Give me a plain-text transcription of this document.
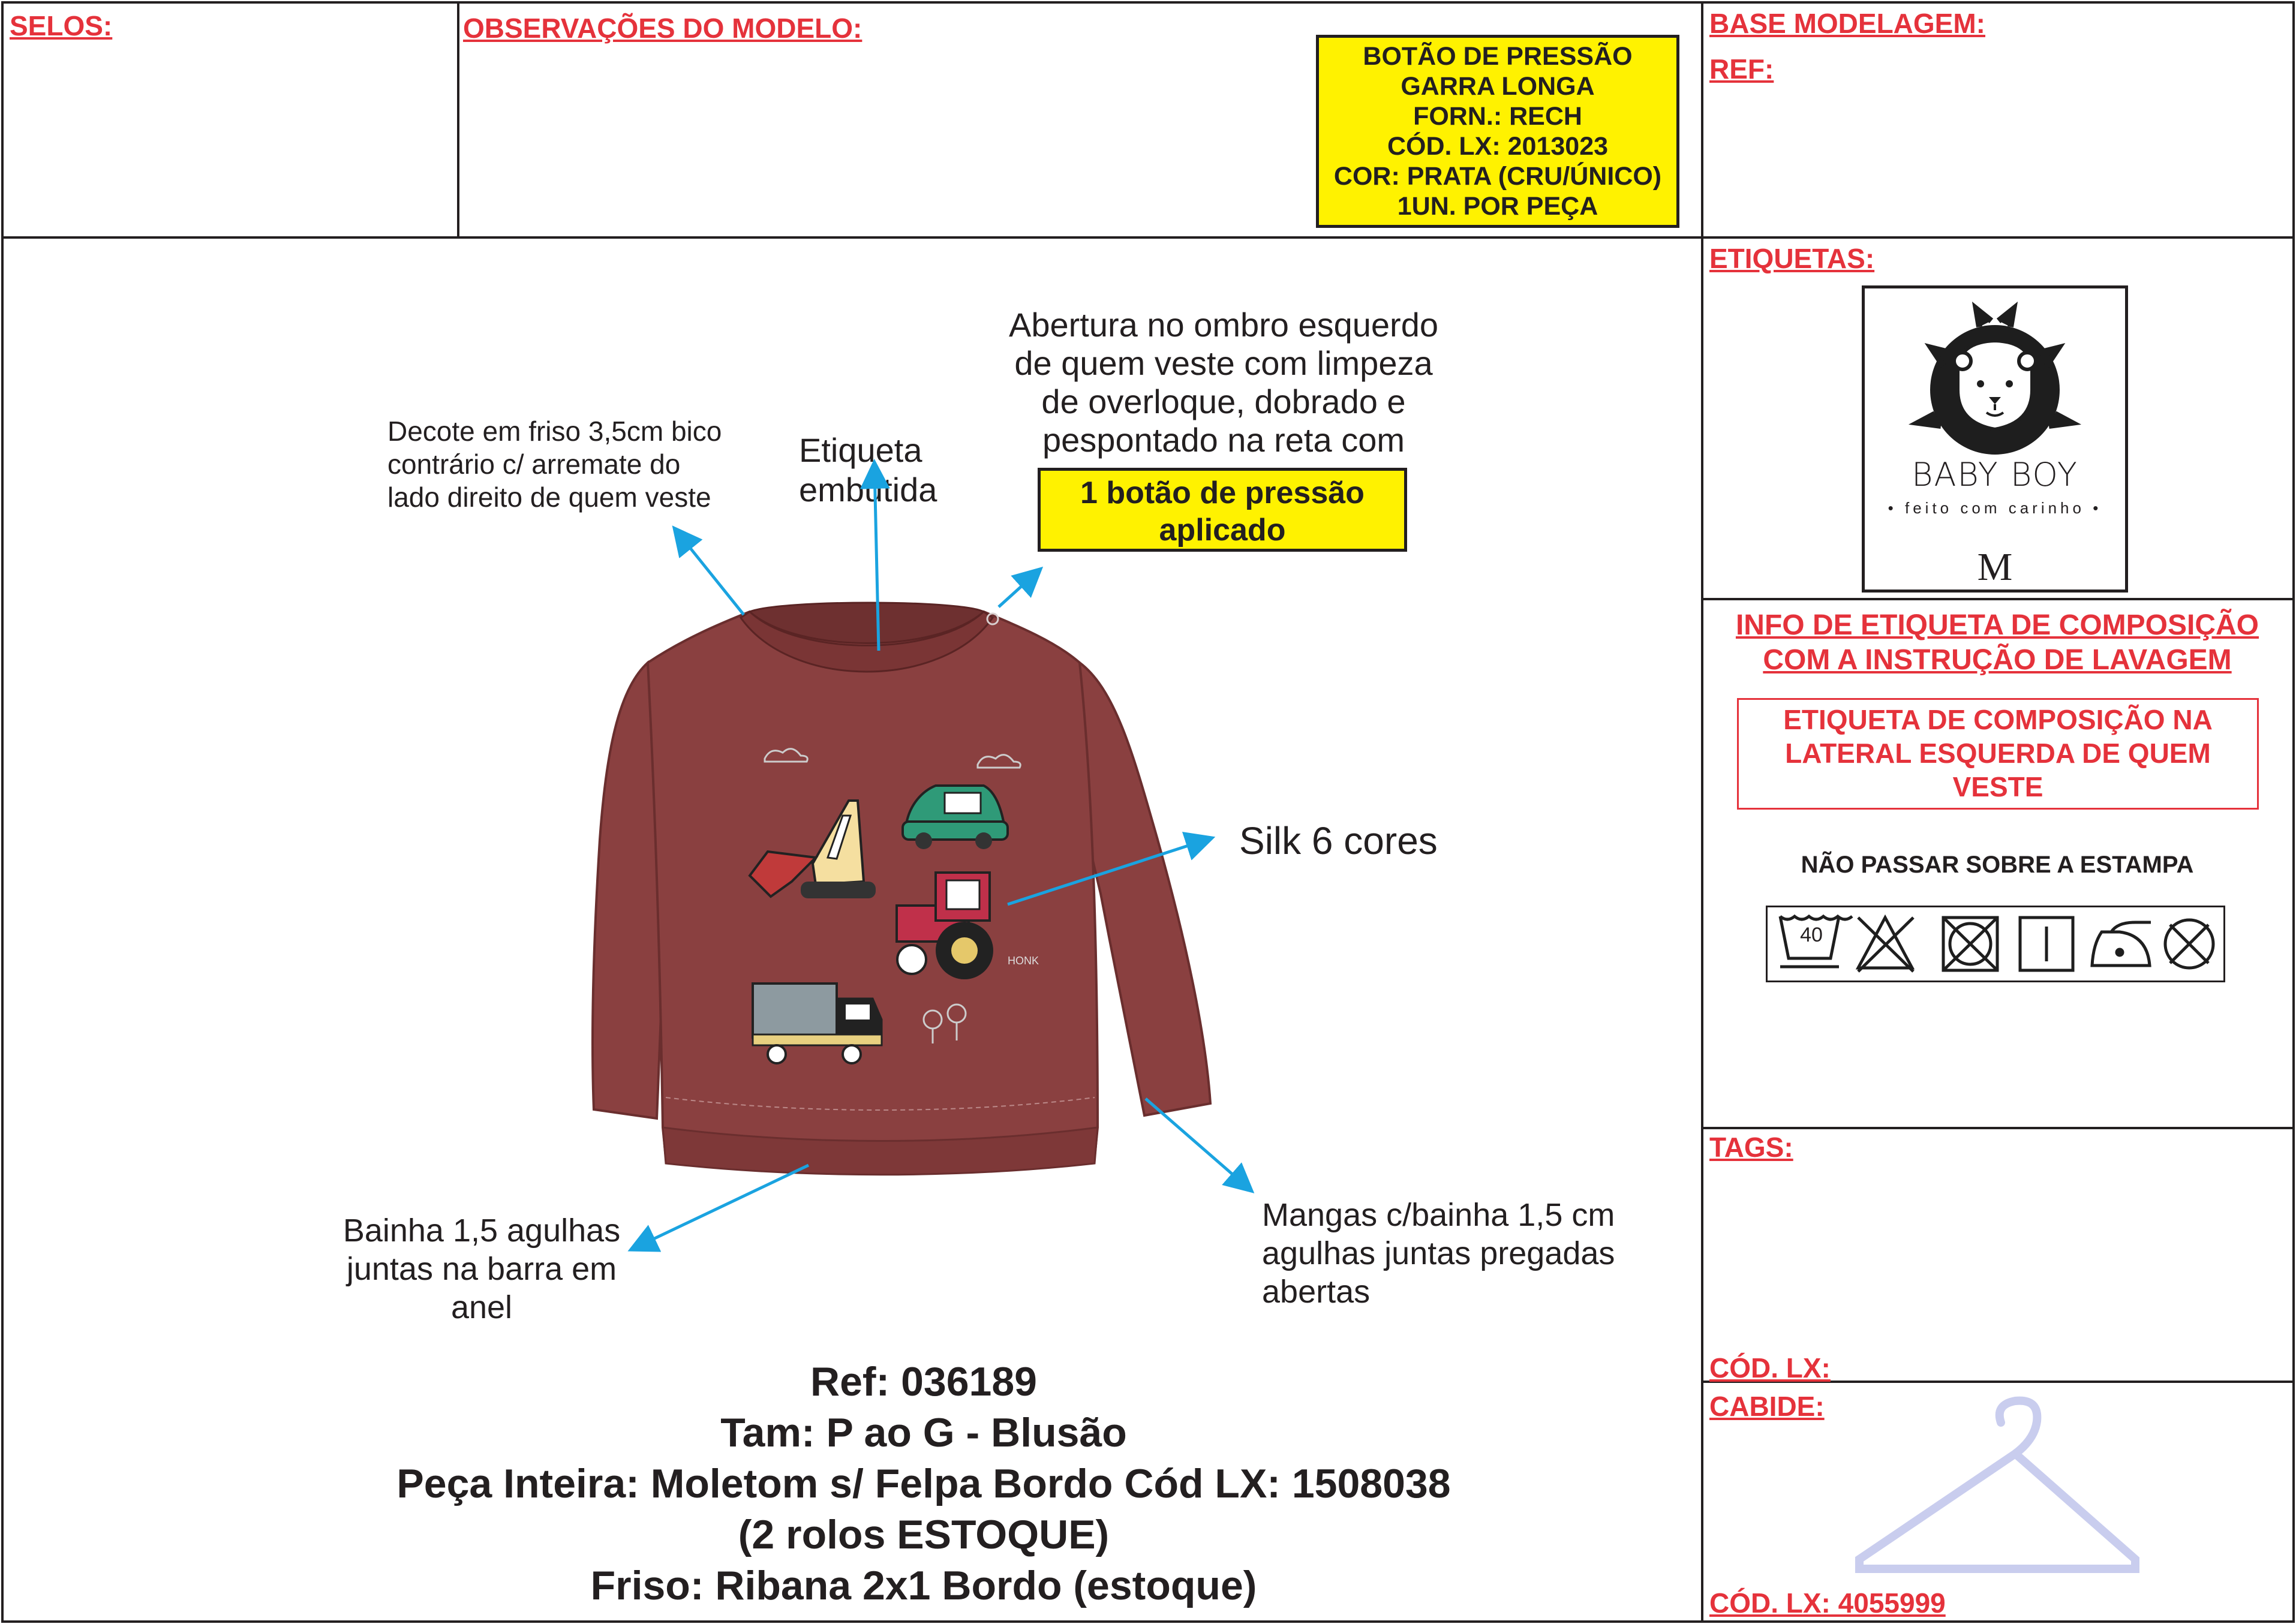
SELOS:	OBSERVAÇÕES DO MODELO:	BASE MODELAGEM:
REF:
ETIQUETAS:
TAGS:
CÓD. LX:
CABIDE:
CÓD. LX: 4055999
BOTÃO DE PRESSÃO
GARRA LONGA
FORN.: RECH
CÓD. LX: 2013023
COR: PRATA (CRU/ÚNICO)
1UN. POR PEÇA
Decote em friso 3,5cm bico contrário c/ arremate do lado direito de quem veste
Etiqueta embutida
Abertura no ombro esquerdo de quem veste com limpeza de overloque, dobrado e pespontado na reta com
1 botão de pressão aplicado
Silk 6 cores
Bainha 1,5 agulhas juntas na barra em anel
Mangas c/bainha 1,5 cm agulhas juntas pregadas abertas
Ref: 036189
Tam: P ao G - Blusão
Peça Inteira: Moletom s/ Felpa Bordo Cód LX: 1508038
(2 rolos ESTOQUE)
Friso: Ribana 2x1 Bordo (estoque)
BABY BOY
• feito com carinho •
M
INFO DE ETIQUETA DE COMPOSIÇÃO COM A INSTRUÇÃO DE LAVAGEM
ETIQUETA DE COMPOSIÇÃO NA LATERAL ESQUERDA DE QUEM VESTE
NÃO PASSAR SOBRE A ESTAMPA
40
HONK
